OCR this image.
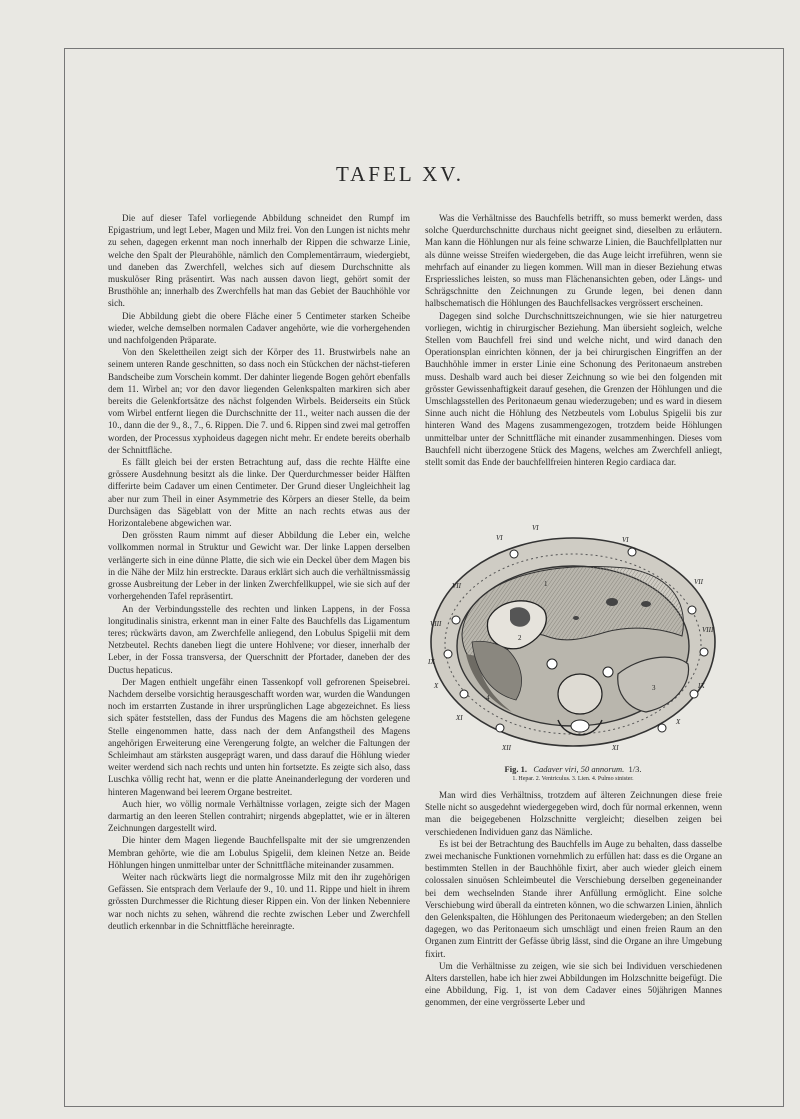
TAFEL XV.

Die auf dieser Tafel vorliegende Abbildung schneidet den Rumpf im Epigastrium, und legt Leber, Magen und Milz frei. Von den Lungen ist nichts mehr zu sehen, dagegen erkennt man noch innerhalb der Rippen die schwarze Linie, welche den Spalt der Pleurahöhle, nämlich den Complementärraum, wiedergiebt, und daneben das Zwerchfell, welches sich auf diesem Durchschnitte als muskulöser Ring präsentirt. Was nach aussen davon liegt, gehört somit der Brusthöhle an; innerhalb des Zwerchfells hat man das Gebiet der Bauchhöhle vor sich.

Die Abbildung giebt die obere Fläche einer 5 Centimeter starken Scheibe wieder, welche demselben normalen Cadaver angehörte, wie die vorhergehenden und nachfolgenden Präparate.

Von den Skelettheilen zeigt sich der Körper des 11. Brustwirbels nahe an seinem unteren Rande geschnitten, so dass noch ein Stückchen der nächst-tieferen Bandscheibe zum Vorschein kommt. Der dahinter liegende Bogen gehört ebenfalls dem 11. Wirbel an; vor den davor liegenden Gelenkspalten markiren sich aber bereits die Gelenkfortsätze des nächst folgenden Wirbels. Beiderseits ein Stück vom Wirbel entfernt liegen die Durchschnitte der 11., weiter nach aussen die der 10., dann die der 9., 8., 7., 6. Rippen. Die 7. und 6. Rippen sind zwei mal getroffen worden, der Processus xyphoideus dagegen nicht mehr. Er endete bereits oberhalb der Schnittfläche.

Es fällt gleich bei der ersten Betrachtung auf, dass die rechte Hälfte eine grössere Ausdehnung besitzt als die linke. Der Querdurchmesser beider Hälften differirte beim Cadaver um einen Centimeter. Der Grund dieser Ungleichheit lag aber nur zum Theil in einer Asymmetrie des Körpers an dieser Stelle, da beim Durchsägen das Sägeblatt von der Mitte an nach rechts etwas aus der Horizontalebene abgewichen war.

Den grössten Raum nimmt auf dieser Abbildung die Leber ein, welche vollkommen normal in Struktur und Gewicht war. Der linke Lappen derselben verlängerte sich in eine dünne Platte, die sich wie ein Deckel über dem Magen bis in die Nähe der Milz hin erstreckte. Daraus erklärt sich auch die verhältnissmässig grosse Ausbreitung der Leber in der linken Zwerchfellkuppel, wie sie sich auf der vorhergehenden Tafel repräsentirt.

An der Verbindungsstelle des rechten und linken Lappens, in der Fossa longitudinalis sinistra, erkennt man in einer Falte des Bauchfells das Ligamentum teres; rückwärts davon, am Zwerchfelle anliegend, den Lobulus Spigelii mit dem Netzbeutel. Rechts daneben liegt die untere Hohlvene; vor dieser, innerhalb der Leber, in der Fossa transversa, der Querschnitt der Pfortader, daneben der des Ductus hepaticus.

Der Magen enthielt ungefähr einen Tassenkopf voll gefrorenen Speisebrei. Nachdem derselbe vorsichtig herausgeschafft worden war, wurden die Wandungen noch im erstarrten Zustande in ihrer ursprünglichen Lage abgezeichnet. Es liess sich später feststellen, dass der Fundus des Magens die am höchsten gelegene Stelle eingenommen hatte, dass nach der dem Anfangstheil des Magens angehörigen Erweiterung eine Verengerung folgte, an welcher die Faltungen der Schleimhaut am stärksten ausgeprägt waren, und dass darauf die Höhlung wieder weiter werdend sich nach rechts und unten hin fortsetzte. Es zeigte sich also, dass Luschka völlig recht hat, wenn er die platte Aneinanderlegung der vorderen und hinteren Magenwand bei leerem Organe bestreitet.

Auch hier, wo völlig normale Verhältnisse vorlagen, zeigte sich der Magen darmartig an den leeren Stellen contrahirt; nirgends abgeplattet, wie er in älteren Zeichnungen dargestellt wird.

Die hinter dem Magen liegende Bauchfellspalte mit der sie umgrenzenden Membran gehörte, wie die am Lobulus Spigelii, dem kleinen Netze an. Beide Höhlungen hingen unmittelbar unter der Schnittfläche miteinander zusammen.

Weiter nach rückwärts liegt die normalgrosse Milz mit den ihr zugehörigen Gefässen. Sie entsprach dem Verlaufe der 9., 10. und 11. Rippe und hielt in ihrem grössten Durchmesser die Richtung dieser Rippen ein. Von der linken Nebenniere war noch nichts zu sehen, während die rechte zwischen Leber und Zwerchfell deutlich erkennbar in die Schnittfläche hereinragte.

Was die Verhältnisse des Bauchfells betrifft, so muss bemerkt werden, dass solche Querdurchschnitte durchaus nicht geeignet sind, dieselben zu erläutern. Man kann die Höhlungen nur als feine schwarze Linien, die Bauchfellplatten nur als dünne weisse Streifen wiedergeben, die das Auge leicht irreführen, wenn sie mehrfach auf einander zu liegen kommen. Will man in dieser Beziehung etwas Erspriessliches leisten, so muss man Flächenansichten geben, oder Längs- und Schrägschnitte den Zeichnungen zu Grunde legen, bei denen dann halbschematisch die Höhlungen des Bauchfellsackes vergrössert erscheinen.

Dagegen sind solche Durchschnittszeichnungen, wie sie hier naturgetreu vorliegen, wichtig in chirurgischer Beziehung. Man übersieht sogleich, welche Stellen vom Bauchfell frei sind und welche nicht, und wird danach den Operationsplan einrichten können, der ja bei chirurgischen Eingriffen an der Bauchhöhle immer in erster Linie eine Schonung des Peritonaeum anstreben muss. Deshalb ward auch bei dieser Zeichnung so wie bei den folgenden mit grösster Gewissenhaftigkeit darauf gesehen, die Grenzen der Höhlungen und die Umschlagsstellen des Peritonaeum genau wiederzugeben; und es ward in diesem Sinne auch nicht die Höhlung des Netzbeutels vom Lobulus Spigelii bis zur hinteren Wand des Magens zusammengezogen, trotzdem beide Höhlungen unmittelbar unter der Schnittfläche mit einander zusammenhingen. Dieses vom Bauchfell nicht überzogene Stück des Magens, welches am Zwerchfell anliegt, stellt somit das Ende der bauchfellfreien hinteren Regio cardiaca dar.

VI
VII
VIII
IX
X
XI
XII	XI
X
IX
VIII
VII
VI
VI
1
2
3
4
Fig. 1. Cadaver viri, 50 annorum. 1/3.
1. Hepar. 2. Ventriculus. 3. Lien. 4. Pulmo sinister.

Man wird dies Verhältniss, trotzdem auf älteren Zeichnungen diese freie Stelle nicht so ausgedehnt wiedergegeben wird, doch für normal erkennen, wenn man die beigegebenen Holzschnitte vergleicht; dieselben zeigen bei verschiedenen Individuen ganz das Nämliche.

Es ist bei der Betrachtung des Bauchfells im Auge zu behalten, dass dasselbe zwei mechanische Funktionen vornehmlich zu erfüllen hat: dass es die Organe an bestimmten Stellen in der Bauchhöhle fixirt, aber auch wieder gleich einem colossalen sinuösen Schleimbeutel die Verschiebung derselben gegeneinander bei dem wechselnden Stande ihrer Anfüllung ermöglicht. Eine solche Verschiebung wird überall da eintreten können, wo die schwarzen Linien, ähnlich den Gelenkspalten, die Höhlungen des Peritonaeum wiedergeben; an den Stellen dagegen, wo das Peritonaeum sich umschlägt und einen freien Raum an den Organen zum Eintritt der Gefässe übrig lässt, sind die Organe an ihre Umgebung fixirt.

Um die Verhältnisse zu zeigen, wie sie sich bei Individuen verschiedenen Alters darstellen, habe ich hier zwei Abbildungen im Holzschnitte beigefügt. Die eine Abbildung, Fig. 1, ist von dem Cadaver eines 50jährigen Mannes genommen, der eine vergrösserte Leber und
